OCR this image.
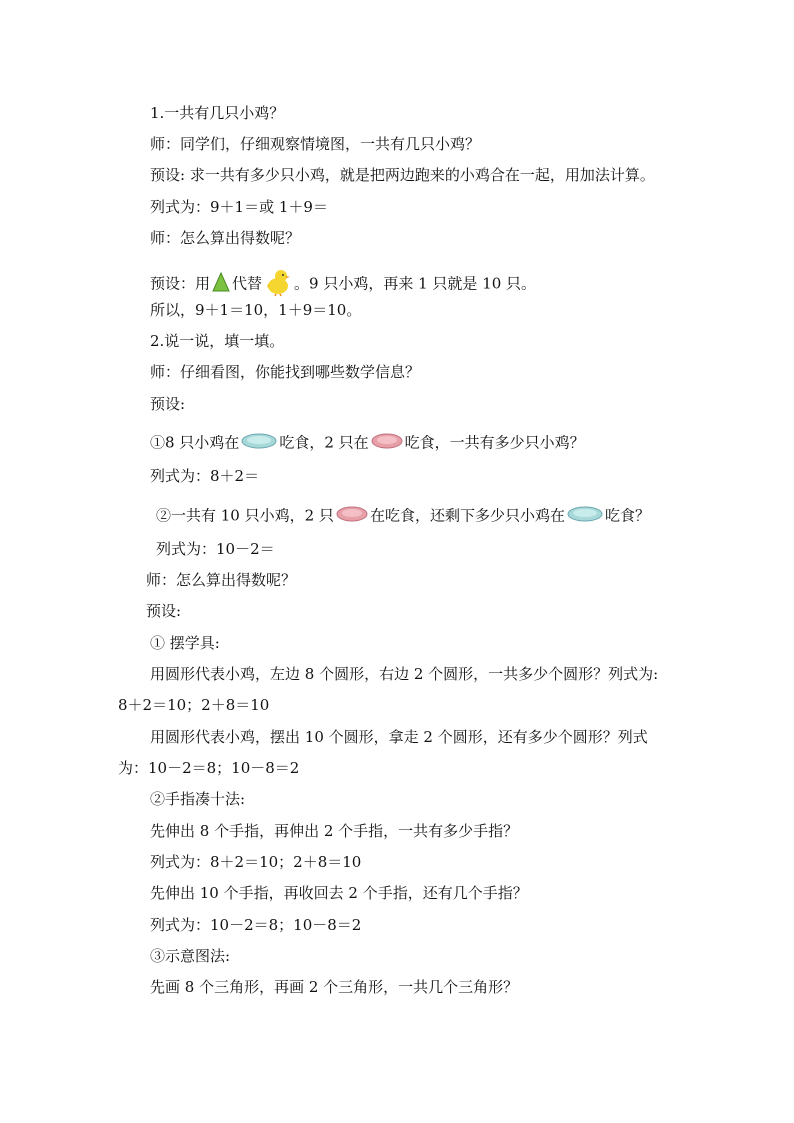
1.一共有几只小鸡？
师：同学们，仔细观察情境图，一共有几只小鸡？
预设: 求一共有多少只小鸡，就是把两边跑来的小鸡合在一起，用加法计算。
列式为：9＋1＝或 1＋9＝
师：怎么算出得数呢？
预设：用 代替 。9 只小鸡，再来 1 只就是 10 只。
所以，9＋1＝10，1＋9＝10。
2.说一说，填一填。
师：仔细看图，你能找到哪些数学信息？
预设:
①8 只小鸡在	吃食，2 只在 吃食，一共有多少只小鸡？
列式为：8＋2＝
②一共有 10 只小鸡，2 只 在吃食，还剩下多少只小鸡在	吃食？
列式为：10－2＝
师：怎么算出得数呢？
预设:
① 摆学具:
用圆形代表小鸡，左边 8 个圆形，右边 2 个圆形，一共多少个圆形？列式为:
8＋2＝10；2＋8＝10
用圆形代表小鸡，摆出 10 个圆形，拿走 2 个圆形，还有多少个圆形？列式
为：10－2＝8；10－8＝2
②手指凑十法:
先伸出 8 个手指，再伸出 2 个手指，一共有多少手指？
列式为：8＋2＝10；2＋8＝10
先伸出 10 个手指，再收回去 2 个手指，还有几个手指？
列式为：10－2＝8；10－8＝2
③示意图法:
先画 8 个三角形，再画 2 个三角形，一共几个三角形？
